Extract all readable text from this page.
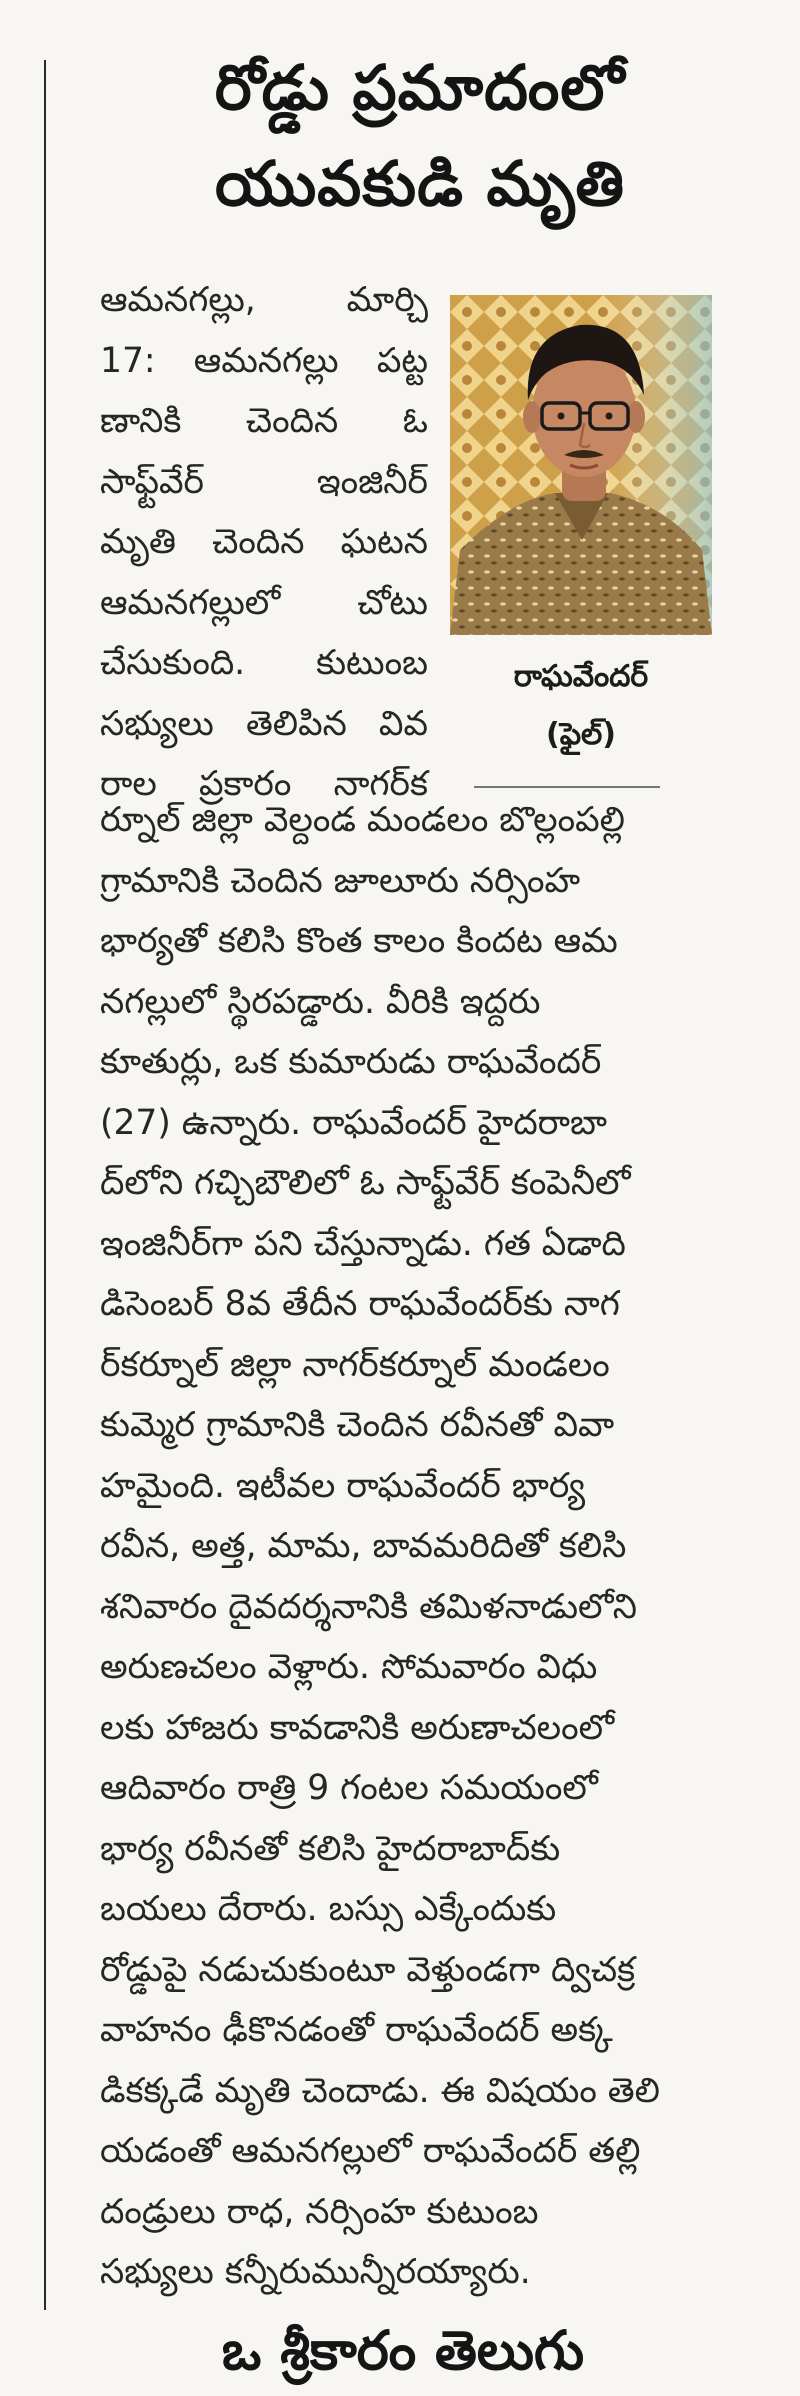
రోడ్డు ప్రమాదంలో
యువకుడి మృతి
ఆమనగల్లు, మార్చి
17: ఆమనగల్లు పట్ట
ణానికి చెందిన ఓ
సాఫ్ట్‌వేర్ ఇంజినీర్
మృతి చెందిన ఘటన
ఆమనగల్లులో చోటు
చేసుకుంది. కుటుంబ
సభ్యులు తెలిపిన వివ
రాల ప్రకారం నాగర్‌క
రాఘవేందర్
(ఫైల్)
ర్నూల్ జిల్లా వెల్దండ మండలం బొల్లంపల్లి
గ్రామానికి చెందిన జూలూరు నర్సింహ
భార్యతో కలిసి కొంత కాలం కిందట ఆమ
నగల్లులో స్థిరపడ్డారు. వీరికి ఇద్దరు
కూతుర్లు, ఒక కుమారుడు రాఘవేందర్
(27) ఉన్నారు. రాఘవేందర్ హైదరాబా
ద్‌లోని గచ్చిబౌలిలో ఓ సాఫ్ట్‌వేర్ కంపెనీలో
ఇంజినీర్‌గా పని చేస్తున్నాడు. గత ఏడాది
డిసెంబర్ 8వ తేదీన రాఘవేందర్‌కు నాగ
ర్‌కర్నూల్ జిల్లా నాగర్‌కర్నూల్ మండలం
కుమ్మెర గ్రామానికి చెందిన రవీనతో వివా
హమైంది. ఇటీవల రాఘవేందర్ భార్య
రవీన, అత్త, మామ, బావమరిదితో కలిసి
శనివారం దైవదర్శనానికి తమిళనాడులోని
అరుణచలం వెళ్లారు. సోమవారం విధు
లకు హాజరు కావడానికి అరుణాచలంలో
ఆదివారం రాత్రి 9 గంటల సమయంలో
భార్య రవీనతో కలిసి హైదరాబాద్‌కు
బయలు దేరారు. బస్సు ఎక్కేందుకు
రోడ్డుపై నడుచుకుంటూ వెళ్తుండగా ద్విచక్ర
వాహనం ఢీకొనడంతో రాఘవేందర్ అక్క
డికక్కడే మృతి చెందాడు. ఈ విషయం తెలి
యడంతో ఆమనగల్లులో రాఘవేందర్ తల్లి
దండ్రులు రాధ, నర్సింహ కుటుంబ
సభ్యులు కన్నీరుమున్నీరయ్యారు.
ఒ శ్రీకారం తెలుగు
